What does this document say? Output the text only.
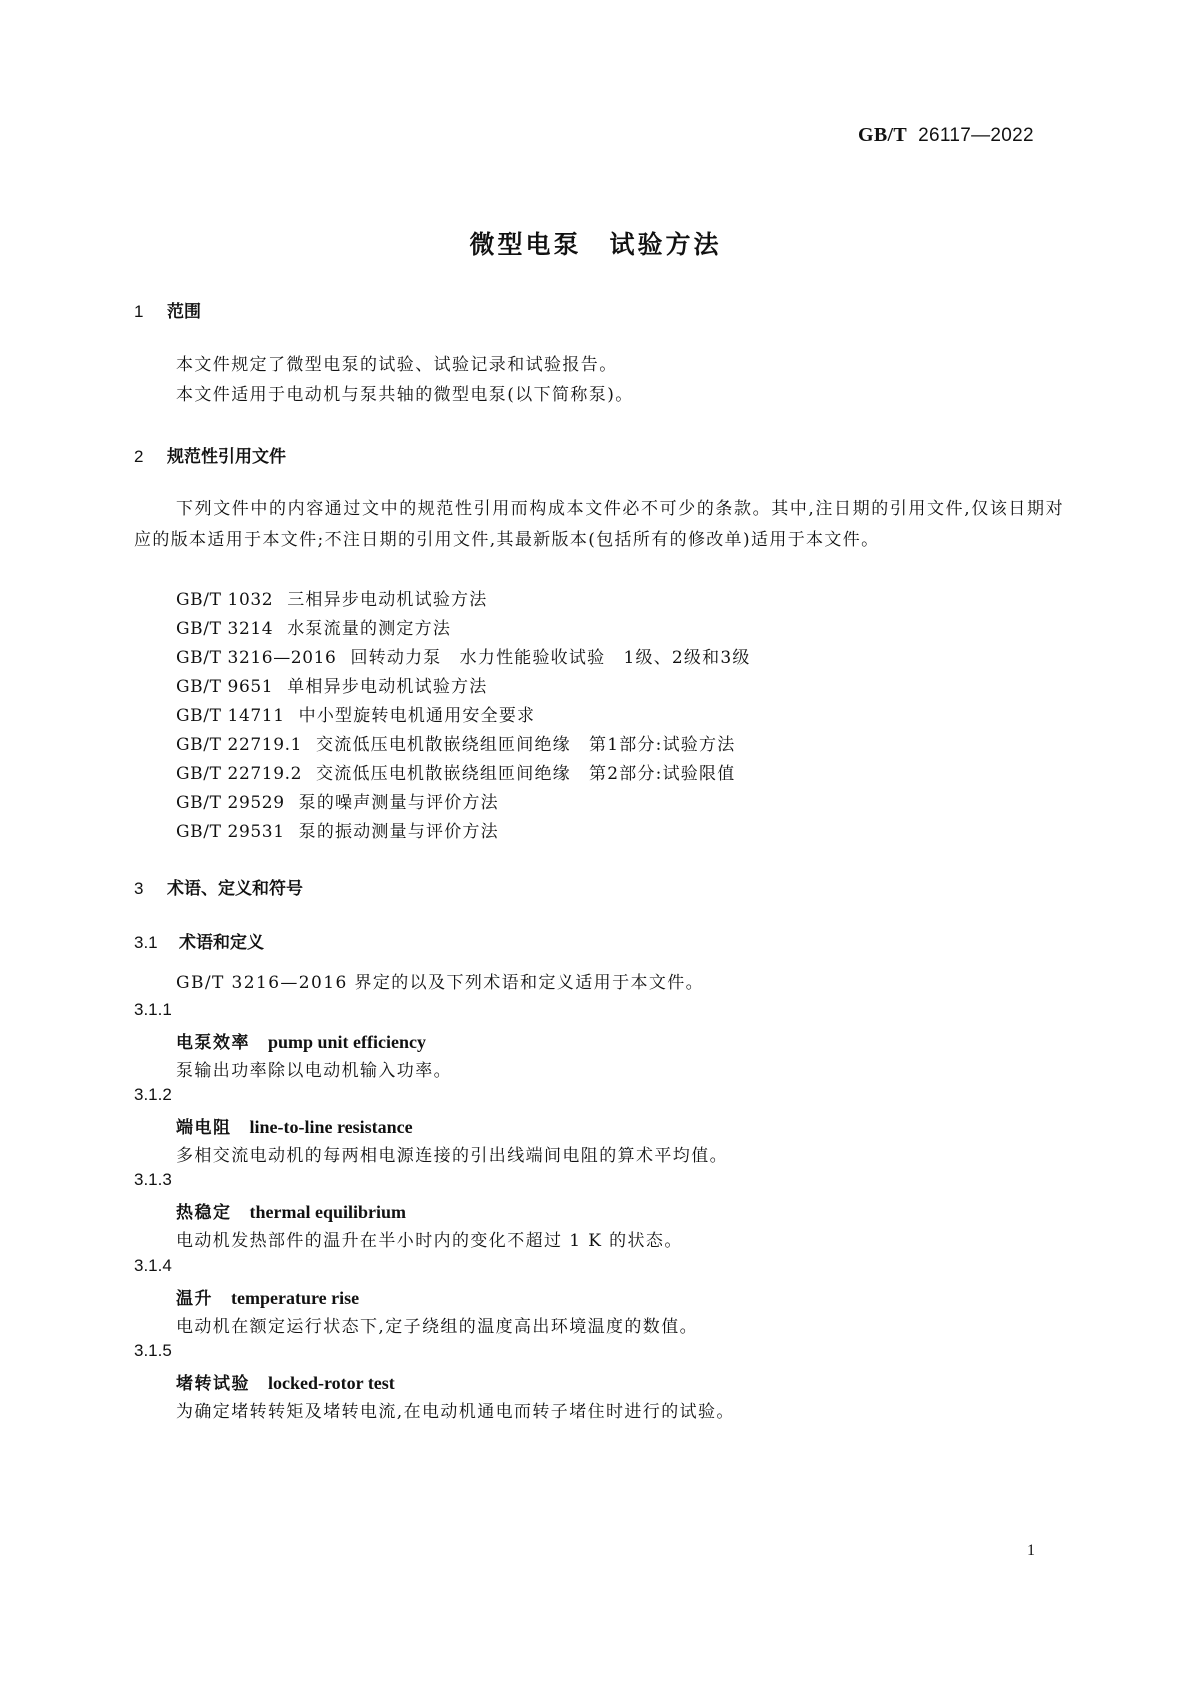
GB/T 26117—2022
微型电泵 试验方法
1 范围
本文件规定了微型电泵的试验、试验记录和试验报告。
本文件适用于电动机与泵共轴的微型电泵(以下简称泵)。
2 规范性引用文件
下列文件中的内容通过文中的规范性引用而构成本文件必不可少的条款。其中,注日期的引用文件,仅该日期对应的版本适用于本文件;不注日期的引用文件,其最新版本(包括所有的修改单)适用于本文件。
GB/T 1032 三相异步电动机试验方法
GB/T 3214 水泵流量的测定方法
GB/T 3216—2016 回转动力泵　水力性能验收试验　1级、2级和3级
GB/T 9651 单相异步电动机试验方法
GB/T 14711 中小型旋转电机通用安全要求
GB/T 22719.1 交流低压电机散嵌绕组匝间绝缘　第1部分:试验方法
GB/T 22719.2 交流低压电机散嵌绕组匝间绝缘　第2部分:试验限值
GB/T 29529 泵的噪声测量与评价方法
GB/T 29531 泵的振动测量与评价方法
3 术语、定义和符号
3.1 术语和定义
GB/T 3216—2016 界定的以及下列术语和定义适用于本文件。
3.1.1
电泵效率 pump unit efficiency
泵输出功率除以电动机输入功率。
3.1.2
端电阻 line-to-line resistance
多相交流电动机的每两相电源连接的引出线端间电阻的算术平均值。
3.1.3
热稳定 thermal equilibrium
电动机发热部件的温升在半小时内的变化不超过 1 K 的状态。
3.1.4
温升 temperature rise
电动机在额定运行状态下,定子绕组的温度高出环境温度的数值。
3.1.5
堵转试验 locked-rotor test
为确定堵转转矩及堵转电流,在电动机通电而转子堵住时进行的试验。
1
